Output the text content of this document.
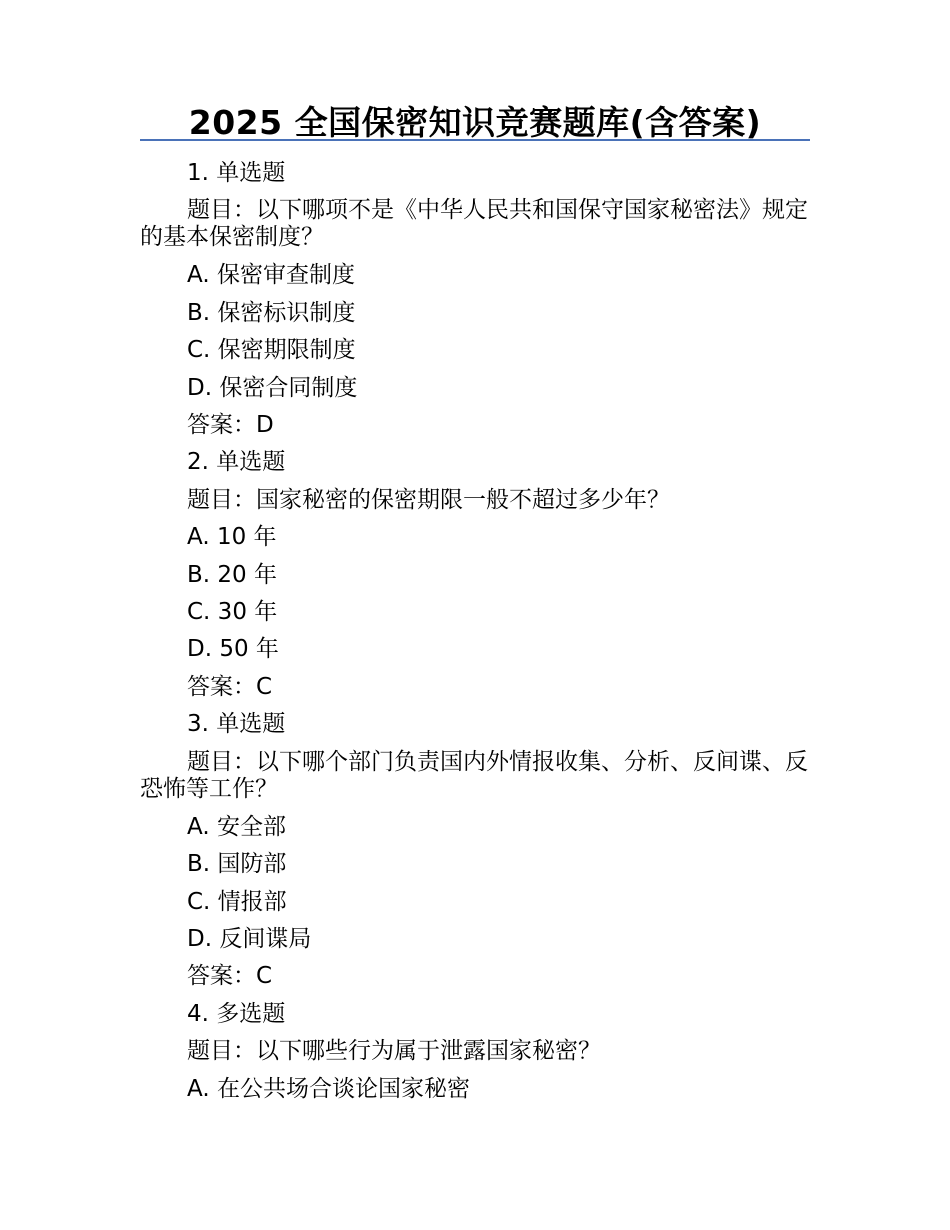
2025 全国保密知识竞赛题库(含答案)
1. 单选题
题目：以下哪项不是《中华人民共和国保守国家秘密法》规定的基本保密制度？
A. 保密审查制度
B. 保密标识制度
C. 保密期限制度
D. 保密合同制度
答案：D
2. 单选题
题目：国家秘密的保密期限一般不超过多少年？
A. 10 年
B. 20 年
C. 30 年
D. 50 年
答案：C
3. 单选题
题目：以下哪个部门负责国内外情报收集、分析、反间谍、反恐怖等工作？
A. 安全部
B. 国防部
C. 情报部
D. 反间谍局
答案：C
4. 多选题
题目：以下哪些行为属于泄露国家秘密？
A. 在公共场合谈论国家秘密
